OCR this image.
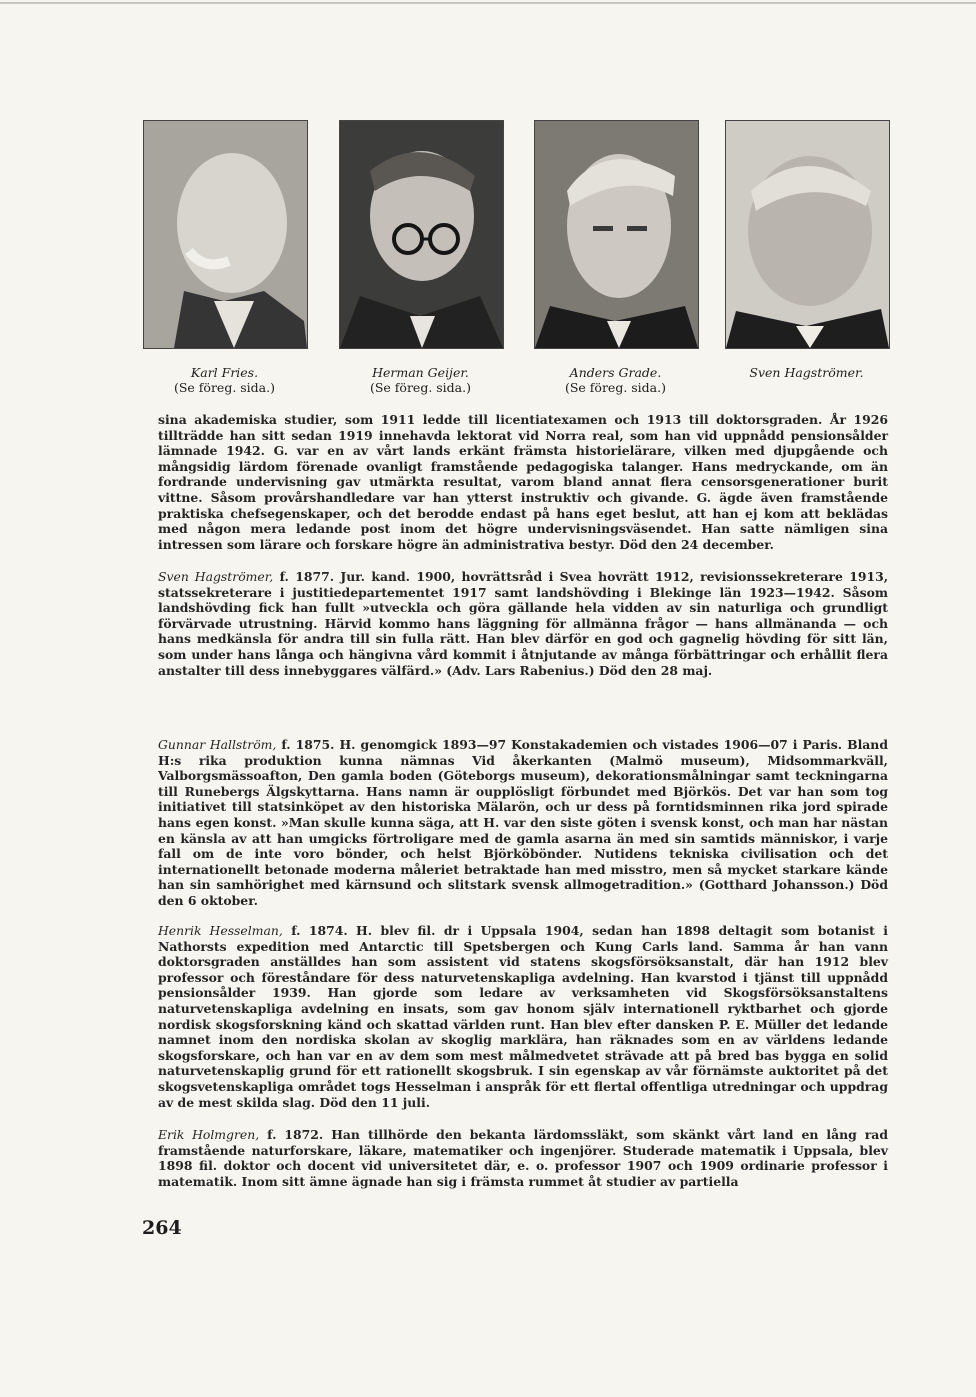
Karl Fries.
(Se föreg. sida.)
Herman Geijer.
(Se föreg. sida.)
Anders Grade.
(Se föreg. sida.)
Sven Hagströmer.

sina akademiska studier, som 1911 ledde till licentiatexamen och 1913 till doktorsgraden. År 1926 tillträdde han sitt sedan 1919 innehavda lektorat vid Norra real, som han vid uppnådd pensionsålder lämnade 1942. G. var en av vårt lands erkänt främsta historielärare, vilken med djupgående och mångsidig lärdom förenade ovanligt framstående pedagogiska talanger. Hans medryckande, om än fordrande undervisning gav utmärkta resultat, varom bland annat flera censorsgenerationer burit vittne. Såsom provårshandledare var han ytterst instruktiv och givande. G. ägde även framstående praktiska chefsegenskaper, och det berodde endast på hans eget beslut, att han ej kom att beklädas med någon mera ledande post inom det högre undervisningsväsendet. Han satte nämligen sina intressen som lärare och forskare högre än administrativa bestyr. Död den 24 december.

Sven Hagströmer, f. 1877. Jur. kand. 1900, hovrättsråd i Svea hovrätt 1912, revisionssekreterare 1913, statssekreterare i justitiedepartementet 1917 samt landshövding i Blekinge län 1923—1942. Såsom landshövding fick han fullt »utveckla och göra gällande hela vidden av sin naturliga och grundligt förvärvade utrustning. Härvid kommo hans läggning för allmänna frågor — hans allmänanda — och hans medkänsla för andra till sin fulla rätt. Han blev därför en god och gagnelig hövding för sitt län, som under hans långa och hängivna vård kommit i åtnjutande av många förbättringar och erhållit flera anstalter till dess innebyggares välfärd.» (Adv. Lars Rabenius.) Död den 28 maj.

Gunnar Hallström, f. 1875. H. genomgick 1893—97 Konstakademien och vistades 1906—07 i Paris. Bland H:s rika produktion kunna nämnas Vid åkerkanten (Malmö museum), Midsommarkväll, Valborgsmässoafton, Den gamla boden (Göteborgs museum), dekorationsmålningar samt teckningarna till Runebergs Älgskyttarna. Hans namn är oupplösligt förbundet med Björkös. Det var han som tog initiativet till statsinköpet av den historiska Mälarön, och ur dess på forntidsminnen rika jord spirade hans egen konst. »Man skulle kunna säga, att H. var den siste göten i svensk konst, och man har nästan en känsla av att han umgicks förtroligare med de gamla asarna än med sin samtids människor, i varje fall om de inte voro bönder, och helst Björköbönder. Nutidens tekniska civilisation och det internationellt betonade moderna måleriet betraktade han med misstro, men så mycket starkare kände han sin samhörighet med kärnsund och slitstark svensk allmogetradition.» (Gotthard Johansson.) Död den 6 oktober.

Henrik Hesselman, f. 1874. H. blev fil. dr i Uppsala 1904, sedan han 1898 deltagit som botanist i Nathorsts expedition med Antarctic till Spetsbergen och Kung Carls land. Samma år han vann doktorsgraden anställdes han som assistent vid statens skogsförsöksanstalt, där han 1912 blev professor och föreståndare för dess naturvetenskapliga avdelning. Han kvarstod i tjänst till uppnådd pensionsålder 1939. Han gjorde som ledare av verksamheten vid Skogsförsöksanstaltens naturvetenskapliga avdelning en insats, som gav honom själv internationell ryktbarhet och gjorde nordisk skogsforskning känd och skattad världen runt. Han blev efter dansken P. E. Müller det ledande namnet inom den nordiska skolan av skoglig marklära, han räknades som en av världens ledande skogsforskare, och han var en av dem som mest målmedvetet strävade att på bred bas bygga en solid naturvetenskaplig grund för ett rationellt skogsbruk. I sin egenskap av vår förnämste auktoritet på det skogsvetenskapliga området togs Hesselman i anspråk för ett flertal offentliga utredningar och uppdrag av de mest skilda slag. Död den 11 juli.

Erik Holmgren, f. 1872. Han tillhörde den bekanta lärdomssläkt, som skänkt vårt land en lång rad framstående naturforskare, läkare, matematiker och ingenjörer. Studerade matematik i Uppsala, blev 1898 fil. doktor och docent vid universitetet där, e. o. professor 1907 och 1909 ordinarie professor i matematik. Inom sitt ämne ägnade han sig i främsta rummet åt studier av partiella

264
